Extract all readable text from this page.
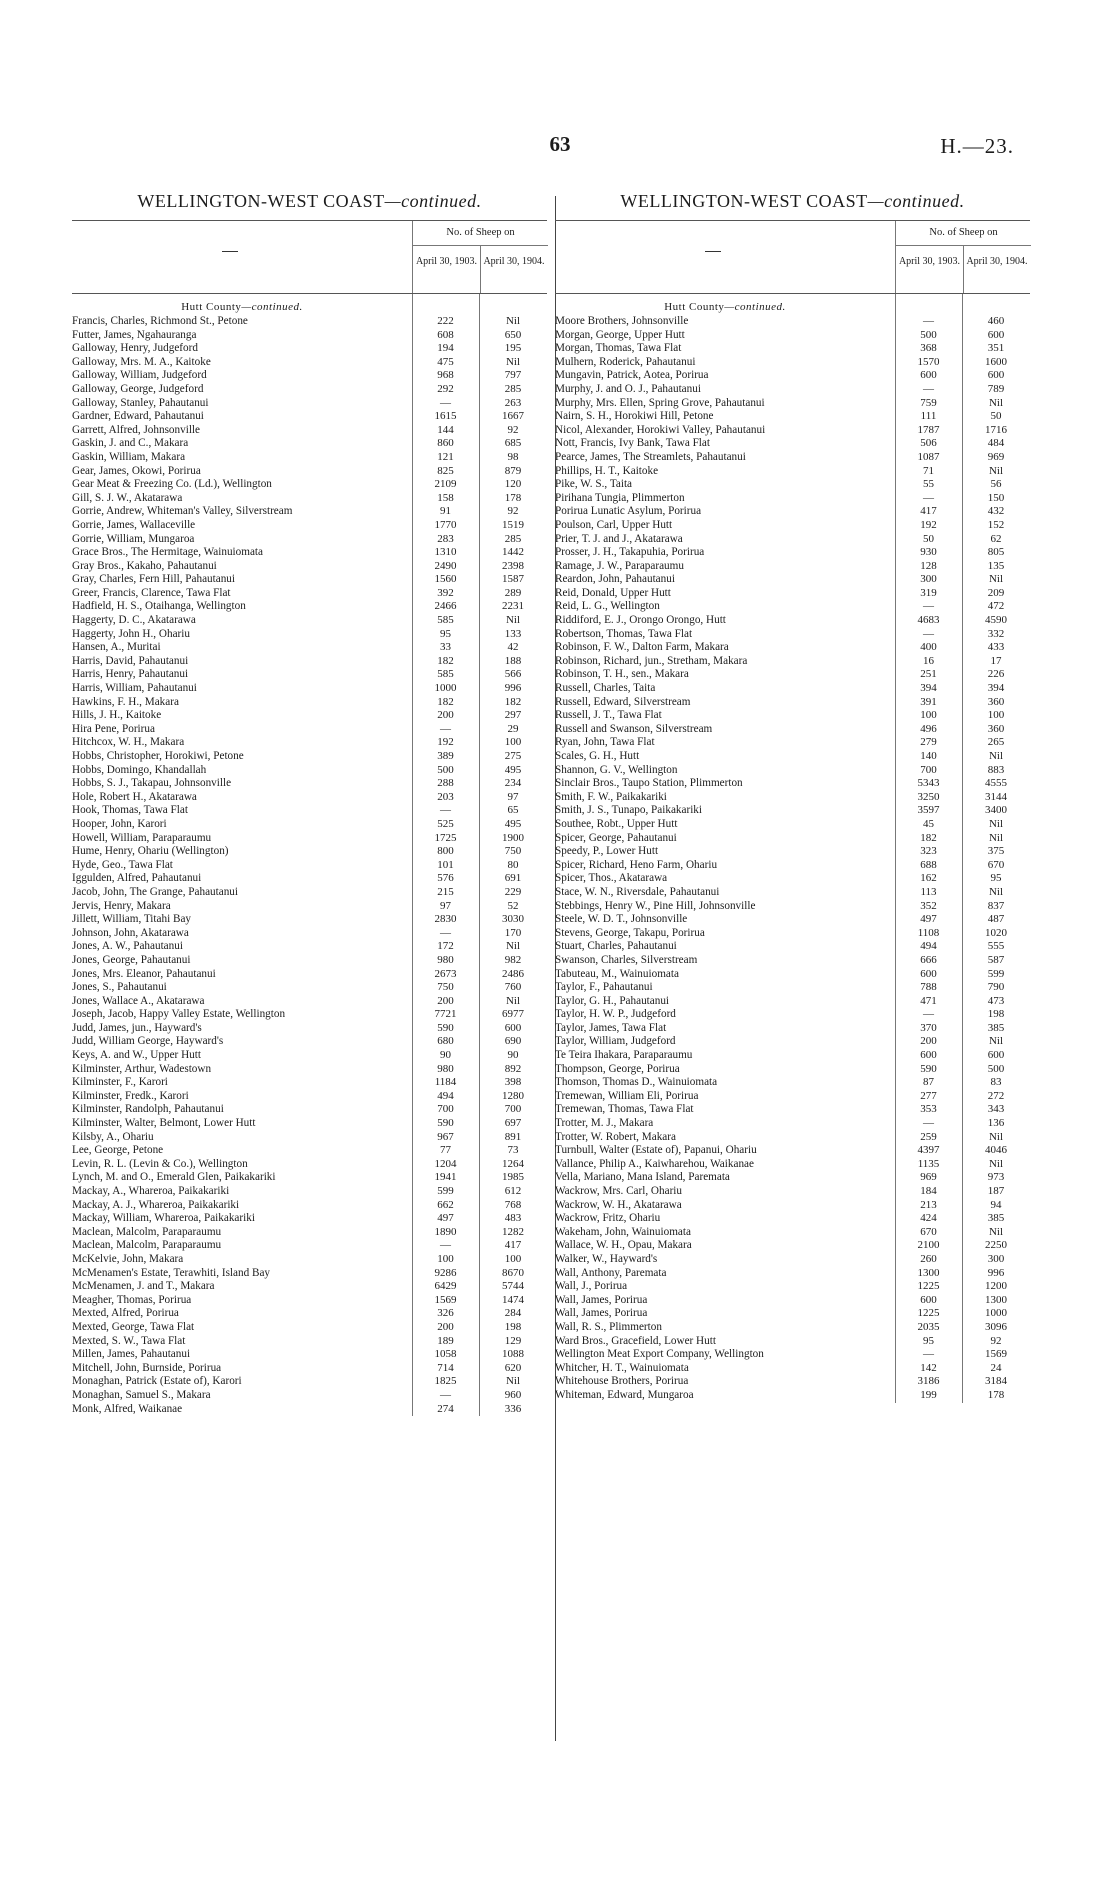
63	H.—23.
WELLINGTON-WEST COAST—continued.
No. of Sheep on
April 30, 1903. April 30, 1904.
Hutt County—continued.
Francis, Charles, Richmond St., Petone	222	Nil
Futter, James, Ngahauranga	608	650
Galloway, Henry, Judgeford	194	195
Galloway, Mrs. M. A., Kaitoke	475	Nil
Galloway, William, Judgeford	968	797
Galloway, George, Judgeford	292	285
Galloway, Stanley, Pahautanui	—	263
Gardner, Edward, Pahautanui	1615	1667
Garrett, Alfred, Johnsonville	144	92
Gaskin, J. and C., Makara	860	685
Gaskin, William, Makara	121	98
Gear, James, Okowi, Porirua	825	879
Gear Meat & Freezing Co. (Ld.), Wellington	2109	120
Gill, S. J. W., Akatarawa	158	178
Gorrie, Andrew, Whiteman's Valley, Silverstream	91	92
Gorrie, James, Wallaceville	1770	1519
Gorrie, William, Mungaroa	283	285
Grace Bros., The Hermitage, Wainuiomata	1310	1442
Gray Bros., Kakaho, Pahautanui	2490	2398
Gray, Charles, Fern Hill, Pahautanui	1560	1587
Greer, Francis, Clarence, Tawa Flat	392	289
Hadfield, H. S., Otaihanga, Wellington	2466	2231
Haggerty, D. C., Akatarawa	585	Nil
Haggerty, John H., Ohariu	95	133
Hansen, A., Muritai	33	42
Harris, David, Pahautanui	182	188
Harris, Henry, Pahautanui	585	566
Harris, William, Pahautanui	1000	996
Hawkins, F. H., Makara	182	182
Hills, J. H., Kaitoke	200	297
Hira Pene, Porirua	—	29
Hitchcox, W. H., Makara	192	100
Hobbs, Christopher, Horokiwi, Petone	389	275
Hobbs, Domingo, Khandallah	500	495
Hobbs, S. J., Takapau, Johnsonville	288	234
Hole, Robert H., Akatarawa	203	97
Hook, Thomas, Tawa Flat	—	65
Hooper, John, Karori	525	495
Howell, William, Paraparaumu	1725	1900
Hume, Henry, Ohariu (Wellington)	800	750
Hyde, Geo., Tawa Flat	101	80
Iggulden, Alfred, Pahautanui	576	691
Jacob, John, The Grange, Pahautanui	215	229
Jervis, Henry, Makara	97	52
Jillett, William, Titahi Bay	2830	3030
Johnson, John, Akatarawa	—	170
Jones, A. W., Pahautanui	172	Nil
Jones, George, Pahautanui	980	982
Jones, Mrs. Eleanor, Pahautanui	2673	2486
Jones, S., Pahautanui	750	760
Jones, Wallace A., Akatarawa	200	Nil
Joseph, Jacob, Happy Valley Estate, Wellington	7721	6977
Judd, James, jun., Hayward's	590	600
Judd, William George, Hayward's	680	690
Keys, A. and W., Upper Hutt	90	90
Kilminster, Arthur, Wadestown	980	892
Kilminster, F., Karori	1184	398
Kilminster, Fredk., Karori	494	1280
Kilminster, Randolph, Pahautanui	700	700
Kilminster, Walter, Belmont, Lower Hutt	590	697
Kilsby, A., Ohariu	967	891
Lee, George, Petone	77	73
Levin, R. L. (Levin & Co.), Wellington	1204	1264
Lynch, M. and O., Emerald Glen, Paikakariki	1941	1985
Mackay, A., Whareroa, Paikakariki	599	612
Mackay, A. J., Whareroa, Paikakariki	662	768
Mackay, William, Whareroa, Paikakariki	497	483
Maclean, Malcolm, Paraparaumu	1890	1282
Maclean, Malcolm, Paraparaumu	—	417
McKelvie, John, Makara	100	100
McMenamen's Estate, Terawhiti, Island Bay	9286	8670
McMenamen, J. and T., Makara	6429	5744
Meagher, Thomas, Porirua	1569	1474
Mexted, Alfred, Porirua	326	284
Mexted, George, Tawa Flat	200	198
Mexted, S. W., Tawa Flat	189	129
Millen, James, Pahautanui	1058	1088
Mitchell, John, Burnside, Porirua	714	620
Monaghan, Patrick (Estate of), Karori	1825	Nil
Monaghan, Samuel S., Makara	—	960
Monk, Alfred, Waikanae	274	336
WELLINGTON-WEST COAST—continued.
No. of Sheep on
April 30, 1903. April 30, 1904.
Hutt County—continued.
Moore Brothers, Johnsonville	—	460
Morgan, George, Upper Hutt	500	600
Morgan, Thomas, Tawa Flat	368	351
Mulhern, Roderick, Pahautanui	1570	1600
Mungavin, Patrick, Aotea, Porirua	600	600
Murphy, J. and O. J., Pahautanui	—	789
Murphy, Mrs. Ellen, Spring Grove, Pahautanui	759	Nil
Nairn, S. H., Horokiwi Hill, Petone	111	50
Nicol, Alexander, Horokiwi Valley, Pahautanui	1787	1716
Nott, Francis, Ivy Bank, Tawa Flat	506	484
Pearce, James, The Streamlets, Pahautanui	1087	969
Phillips, H. T., Kaitoke	71	Nil
Pike, W. S., Taita	55	56
Pirihana Tungia, Plimmerton	—	150
Porirua Lunatic Asylum, Porirua	417	432
Poulson, Carl, Upper Hutt	192	152
Prier, T. J. and J., Akatarawa	50	62
Prosser, J. H., Takapuhia, Porirua	930	805
Ramage, J. W., Paraparaumu	128	135
Reardon, John, Pahautanui	300	Nil
Reid, Donald, Upper Hutt	319	209
Reid, L. G., Wellington	—	472
Riddiford, E. J., Orongo Orongo, Hutt	4683	4590
Robertson, Thomas, Tawa Flat	—	332
Robinson, F. W., Dalton Farm, Makara	400	433
Robinson, Richard, jun., Stretham, Makara	16	17
Robinson, T. H., sen., Makara	251	226
Russell, Charles, Taita	394	394
Russell, Edward, Silverstream	391	360
Russell, J. T., Tawa Flat	100	100
Russell and Swanson, Silverstream	496	360
Ryan, John, Tawa Flat	279	265
Scales, G. H., Hutt	140	Nil
Shannon, G. V., Wellington	700	883
Sinclair Bros., Taupo Station, Plimmerton	5343	4555
Smith, F. W., Paikakariki	3250	3144
Smith, J. S., Tunapo, Paikakariki	3597	3400
Southee, Robt., Upper Hutt	45	Nil
Spicer, George, Pahautanui	182	Nil
Speedy, P., Lower Hutt	323	375
Spicer, Richard, Heno Farm, Ohariu	688	670
Spicer, Thos., Akatarawa	162	95
Stace, W. N., Riversdale, Pahautanui	113	Nil
Stebbings, Henry W., Pine Hill, Johnsonville	352	837
Steele, W. D. T., Johnsonville	497	487
Stevens, George, Takapu, Porirua	1108	1020
Stuart, Charles, Pahautanui	494	555
Swanson, Charles, Silverstream	666	587
Tabuteau, M., Wainuiomata	600	599
Taylor, F., Pahautanui	788	790
Taylor, G. H., Pahautanui	471	473
Taylor, H. W. P., Judgeford	—	198
Taylor, James, Tawa Flat	370	385
Taylor, William, Judgeford	200	Nil
Te Teira Ihakara, Paraparaumu	600	600
Thompson, George, Porirua	590	500
Thomson, Thomas D., Wainuiomata	87	83
Tremewan, William Eli, Porirua	277	272
Tremewan, Thomas, Tawa Flat	353	343
Trotter, M. J., Makara	—	136
Trotter, W. Robert, Makara	259	Nil
Turnbull, Walter (Estate of), Papanui, Ohariu	4397	4046
Vallance, Philip A., Kaiwharehou, Waikanae	1135	Nil
Vella, Mariano, Mana Island, Paremata	969	973
Wackrow, Mrs. Carl, Ohariu	184	187
Wackrow, W. H., Akatarawa	213	94
Wackrow, Fritz, Ohariu	424	385
Wakeham, John, Wainuiomata	670	Nil
Wallace, W. H., Opau, Makara	2100	2250
Walker, W., Hayward's	260	300
Wall, Anthony, Paremata	1300	996
Wall, J., Porirua	1225	1200
Wall, James, Porirua	600	1300
Wall, James, Porirua	1225	1000
Wall, R. S., Plimmerton	2035	3096
Ward Bros., Gracefield, Lower Hutt	95	92
Wellington Meat Export Company, Wellington	—	1569
Whitcher, H. T., Wainuiomata	142	24
Whitehouse Brothers, Porirua	3186	3184
Whiteman, Edward, Mungaroa	199	178
